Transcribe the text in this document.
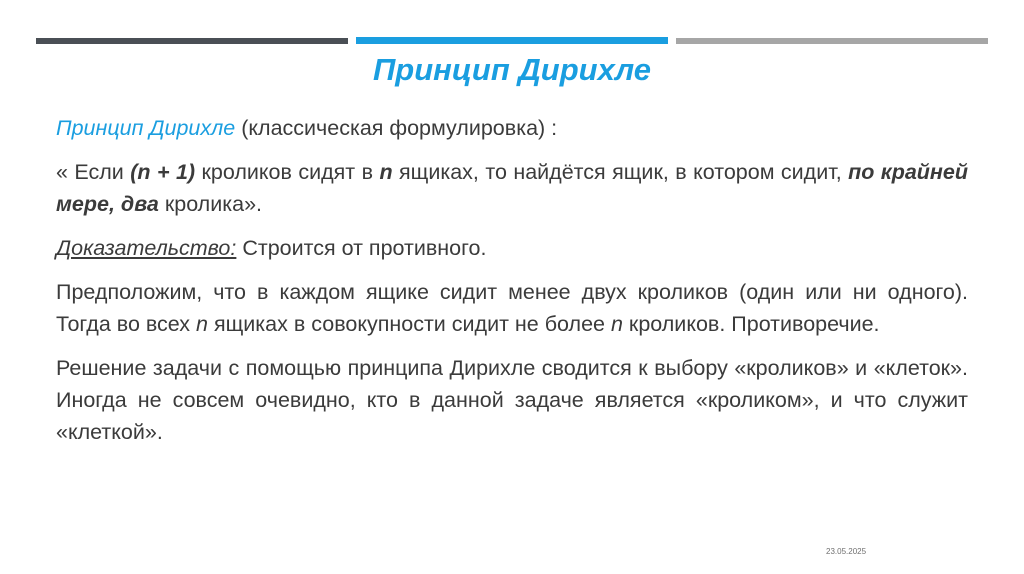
Принцип Дирихле

Принцип Дирихле (классическая формулировка) :

« Если (n + 1) кроликов сидят в n ящиках, то найдётся ящик, в котором сидит, по крайней мере, два кролика».

Доказательство: Строится от противного.

Предположим, что в каждом ящике сидит менее двух кроликов (один или ни одного). Тогда во всех n ящиках в совокупности сидит не более n кроликов. Противоречие.

Решение задачи с помощью принципа Дирихле сводится к выбору «кроликов» и «клеток». Иногда не совсем очевидно, кто в данной задаче является «кроликом», и что служит «клеткой».

23.05.2025
